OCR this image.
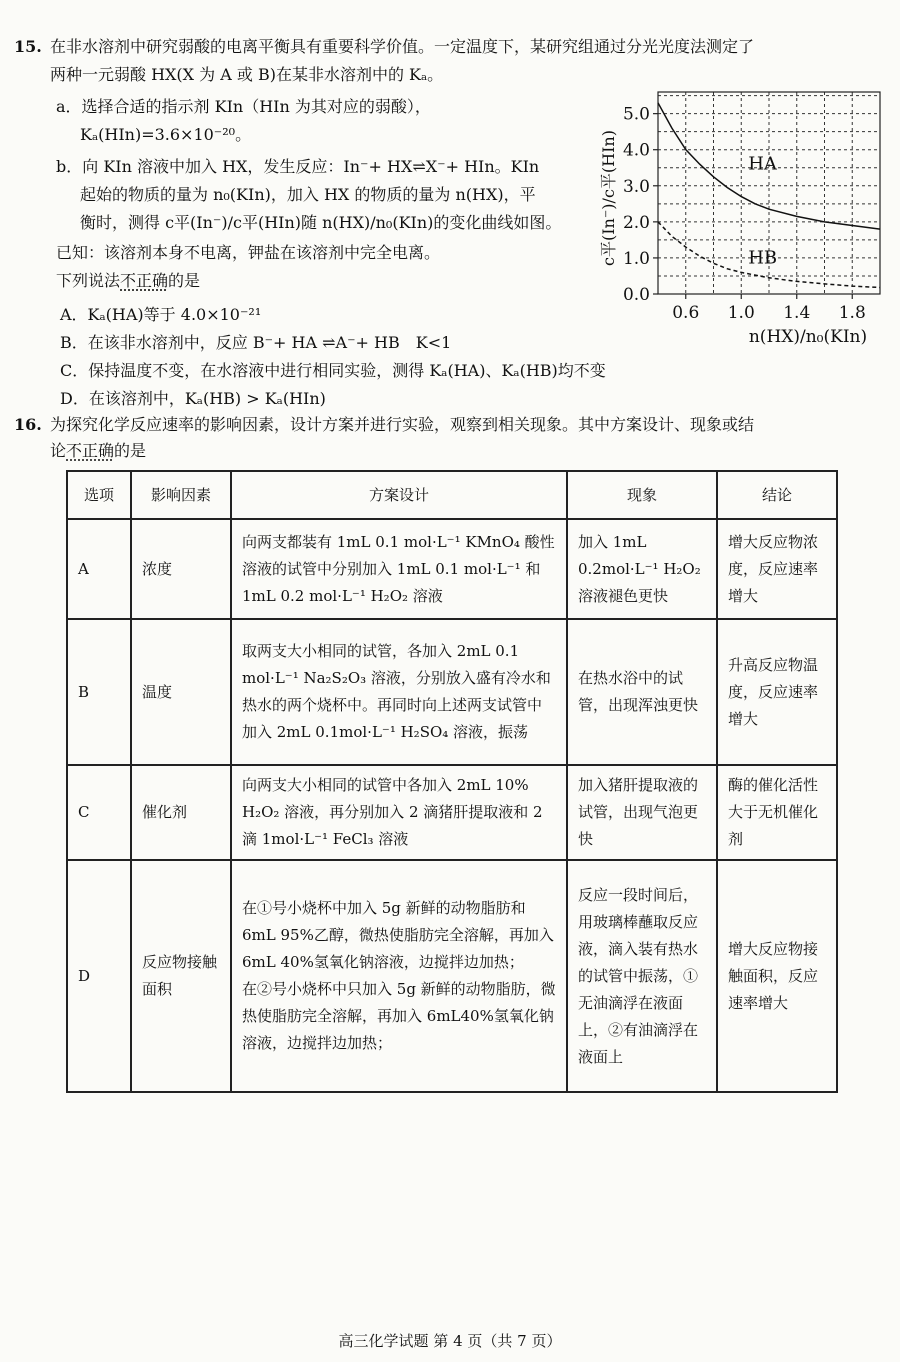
15. 在非水溶剂中研究弱酸的电离平衡具有重要科学价值。一定温度下，某研究组通过分光光度法测定了
两种一元弱酸 HX(X 为 A 或 B)在某非水溶剂中的 Kₐ。
a．选择合适的指示剂 KIn（HIn 为其对应的弱酸），
Kₐ(HIn)=3.6×10⁻²⁰。
b．向 KIn 溶液中加入 HX，发生反应：In⁻+ HX⇌X⁻+ HIn。KIn
起始的物质的量为 n₀(KIn)，加入 HX 的物质的量为 n(HX)，平
衡时，测得 c平(In⁻)/c平(HIn)随 n(HX)/n₀(KIn)的变化曲线如图。
已知：该溶剂本身不电离，钾盐在该溶剂中完全电离。
下列说法不正确的是
A．Kₐ(HA)等于 4.0×10⁻²¹
B．在该非水溶剂中，反应 B⁻+ HA ⇌A⁻+ HB　K<1
C．保持温度不变，在水溶液中进行相同实验，测得 Kₐ(HA)、Kₐ(HB)均不变
D．在该溶剂中，Kₐ(HB) > Kₐ(HIn)
0.0
1.0
2.0
3.0
4.0
5.0
0.6 1.0 1.4 1.8
HA
HB
c平(In⁻)/c平(HIn)
n(HX)/n₀(KIn)
16. 为探究化学反应速率的影响因素，设计方案并进行实验，观察到相关现象。其中方案设计、现象或结
论不正确的是
选项	影响因素	方案设计	现象	结论
A	浓度	向两支都装有 1mL 0.1 mol·L⁻¹ KMnO₄ 酸性溶液的试管中分别加入 1mL 0.1 mol·L⁻¹ 和 1mL 0.2 mol·L⁻¹ H₂O₂ 溶液	加入 1mL 0.2mol·L⁻¹ H₂O₂ 溶液褪色更快	增大反应物浓度，反应速率增大
B	温度	取两支大小相同的试管，各加入 2mL 0.1 mol·L⁻¹ Na₂S₂O₃ 溶液，分别放入盛有冷水和热水的两个烧杯中。再同时向上述两支试管中加入 2mL 0.1mol·L⁻¹ H₂SO₄ 溶液，振荡	在热水浴中的试管，出现浑浊更快	升高反应物温度，反应速率增大
C	催化剂	向两支大小相同的试管中各加入 2mL 10% H₂O₂ 溶液，再分别加入 2 滴猪肝提取液和 2 滴 1mol·L⁻¹ FeCl₃ 溶液	加入猪肝提取液的试管，出现气泡更快	酶的催化活性大于无机催化剂
D	反应物接触面积	在①号小烧杯中加入 5g 新鲜的动物脂肪和 6mL 95%乙醇，微热使脂肪完全溶解，再加入 6mL 40%氢氧化钠溶液，边搅拌边加热；

在②号小烧杯中只加入 5g 新鲜的动物脂肪，微热使脂肪完全溶解，再加入 6mL40%氢氧化钠溶液，边搅拌边加热；	反应一段时间后，用玻璃棒蘸取反应液，滴入装有热水的试管中振荡，①无油滴浮在液面上，②有油滴浮在液面上	增大反应物接触面积，反应速率增大
高三化学试题 第 4 页（共 7 页）
